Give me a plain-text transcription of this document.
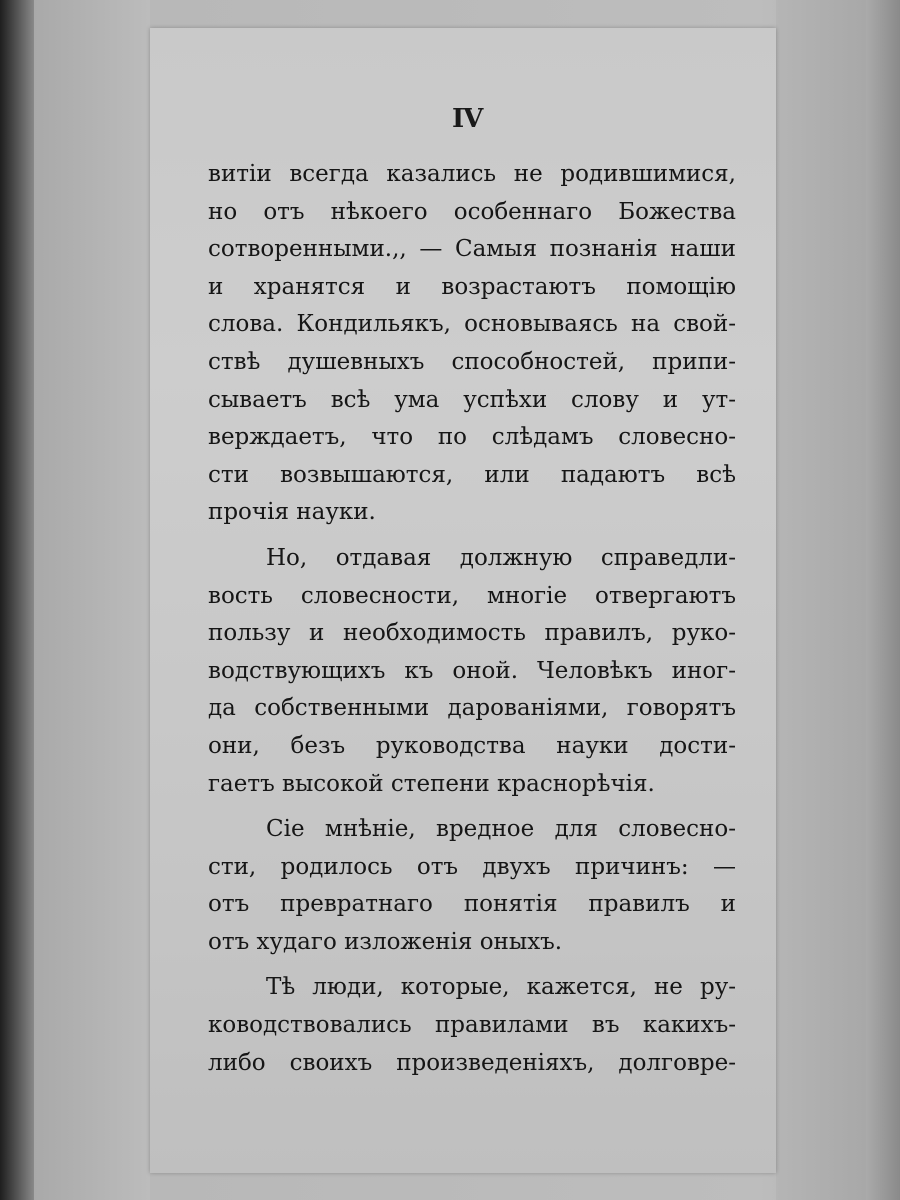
IV
витіи всегда казались не родившимися,
но отъ нѣкоего особеннаго Божества
сотворенными.,, — Самыя познанія наши
и хранятся и возрастаютъ помощію
слова. Кондильякъ, основываясь на свой-
ствѣ душевныхъ способностей, припи-
сываетъ всѣ ума успѣхи слову и ут-
верждаетъ, что по слѣдамъ словесно-
сти возвышаются, или падаютъ всѣ
прочія науки.
Но, отдавая должную справедли-
вость словесности, многіе отвергаютъ
пользу и необходимость правилъ, руко-
водствующихъ къ оной. Человѣкъ иног-
да собственными дарованіями, говорятъ
они, безъ руководства науки дости-
гаетъ высокой степени краснорѣчія.
Сіе мнѣніе, вредное для словесно-
сти, родилось отъ двухъ причинъ: —
отъ превратнаго понятія правилъ и
отъ худаго изложенія оныхъ.
Тѣ люди, которые, кажется, не ру-
ководствовались правилами въ какихъ-
либо своихъ произведеніяхъ, долговре-
